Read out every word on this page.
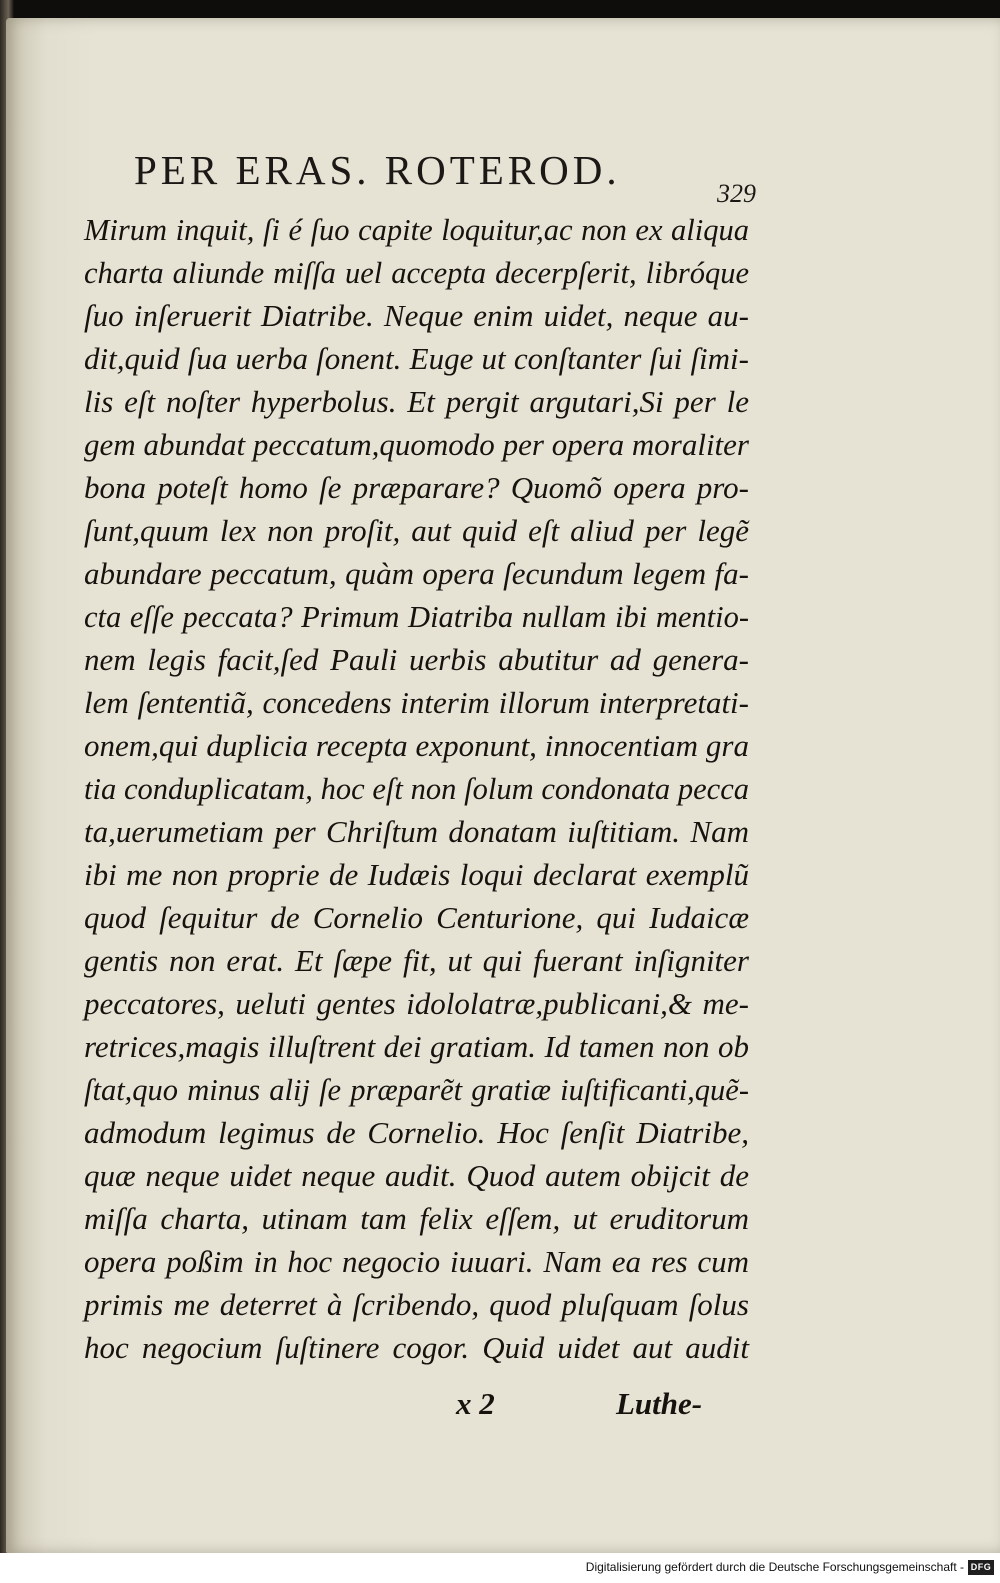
PER ERAS. ROTEROD.
329
Mirum inquit, ſi é ſuo capite loquitur,ac non ex aliqua
charta aliunde miſſa uel accepta decerpſerit, libróque
ſuo inſeruerit Diatribe. Neque enim uidet, neque au-
dit,quid ſua uerba ſonent. Euge ut conſtanter ſui ſimi-
lis eſt noſter hyperbolus. Et pergit argutari,Si per le
gem abundat peccatum,quomodo per opera moraliter
bona poteſt homo ſe præparare? Quomõ opera pro-
ſunt,quum lex non proſit, aut quid eſt aliud per legẽ
abundare peccatum, quàm opera ſecundum legem fa-
cta eſſe peccata? Primum Diatriba nullam ibi mentio-
nem legis facit,ſed Pauli uerbis abutitur ad genera-
lem ſententiã, concedens interim illorum interpretati-
onem,qui duplicia recepta exponunt, innocentiam gra
tia conduplicatam, hoc eſt non ſolum condonata pecca
ta,uerumetiam per Chriſtum donatam iuſtitiam. Nam
ibi me non proprie de Iudæis loqui declarat exemplũ
quod ſequitur de Cornelio Centurione, qui Iudaicæ
gentis non erat. Et ſæpe fit, ut qui fuerant inſigniter
peccatores, ueluti gentes idololatræ,publicani,& me-
retrices,magis illuſtrent dei gratiam. Id tamen non ob
ſtat,quo minus alij ſe præparẽt gratiæ iuſtificanti,quẽ-
admodum legimus de Cornelio. Hoc ſenſit Diatribe,
quæ neque uidet neque audit. Quod autem obijcit de
miſſa charta, utinam tam felix eſſem, ut eruditorum
opera poßim in hoc negocio iuuari. Nam ea res cum
primis me deterret à ſcribendo, quod pluſquam ſolus
hoc negocium ſuſtinere cogor. Quid uidet aut audit
x 2	Luthe-
Digitalisierung gefördert durch die Deutsche Forschungsgemeinschaft - DFG
